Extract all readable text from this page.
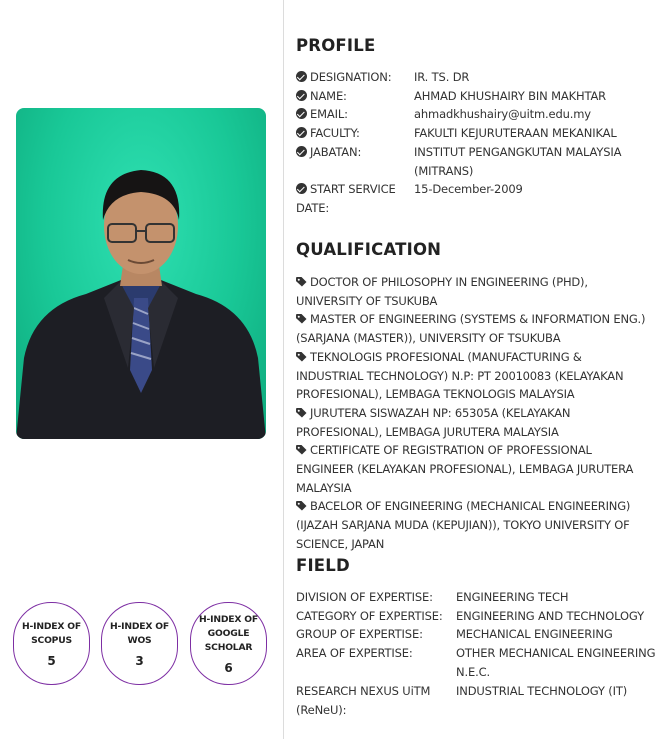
H-INDEX OF SCOPUS
5
H-INDEX OF WOS
3
H-INDEX OF GOOGLE SCHOLAR
6
PROFILE
DESIGNATION: IR. TS. DR
NAME:	AHMAD KHUSHAIRY BIN MAKHTAR
EMAIL:	ahmadkhushairy@uitm.edu.my
FACULTY:	FAKULTI KEJURUTERAAN MEKANIKAL
JABATAN:	INSTITUT PENGANGKUTAN MALAYSIA
(MITRANS)
START SERVICE
DATE:
15-December-2009
QUALIFICATION
DOCTOR OF PHILOSOPHY IN ENGINEERING (PHD), UNIVERSITY OF TSUKUBA
MASTER OF ENGINEERING (SYSTEMS & INFORMATION ENG.) (SARJANA (MASTER)), UNIVERSITY OF TSUKUBA
TEKNOLOGIS PROFESIONAL (MANUFACTURING & INDUSTRIAL TECHNOLOGY) N.P: PT 20010083 (KELAYAKAN PROFESIONAL), LEMBAGA TEKNOLOGIS MALAYSIA
JURUTERA SISWAZAH NP: 65305A (KELAYAKAN PROFESIONAL), LEMBAGA JURUTERA MALAYSIA
CERTIFICATE OF REGISTRATION OF PROFESSIONAL ENGINEER (KELAYAKAN PROFESIONAL), LEMBAGA JURUTERA MALAYSIA
BACELOR OF ENGINEERING (MECHANICAL ENGINEERING) (IJAZAH SARJANA MUDA (KEPUJIAN)), TOKYO UNIVERSITY OF SCIENCE, JAPAN
FIELD
DIVISION OF EXPERTISE: ENGINEERING TECH
CATEGORY OF EXPERTISE: ENGINEERING AND TECHNOLOGY
GROUP OF EXPERTISE:	MECHANICAL ENGINEERING
AREA OF EXPERTISE:	OTHER MECHANICAL ENGINEERING
N.E.C.
RESEARCH NEXUS UiTM
(ReNeU):
INDUSTRIAL TECHNOLOGY (IT)
